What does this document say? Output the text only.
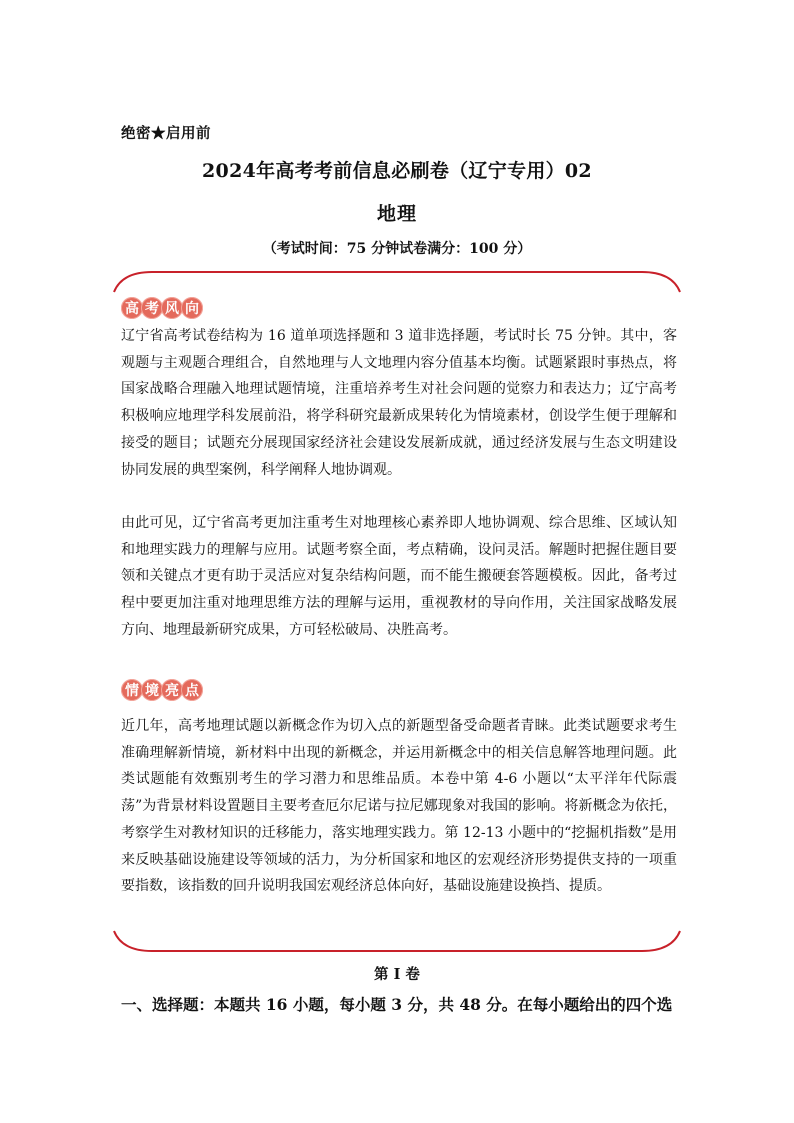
绝密★启用前
2024年高考考前信息必刷卷（辽宁专用）02
地理
（考试时间：75 分钟试卷满分：100 分）
高 考 风 向
辽宁省高考试卷结构为 16 道单项选择题和 3 道非选择题，考试时长 75 分钟。其中，客观题与主观题合理组合，自然地理与人文地理内容分值基本均衡。试题紧跟时事热点，将国家战略合理融入地理试题情境，注重培养考生对社会问题的觉察力和表达力；辽宁高考积极响应地理学科发展前沿，将学科研究最新成果转化为情境素材，创设学生便于理解和接受的题目；试题充分展现国家经济社会建设发展新成就，通过经济发展与生态文明建设协同发展的典型案例，科学阐释人地协调观。
由此可见，辽宁省高考更加注重考生对地理核心素养即人地协调观、综合思维、区域认知和地理实践力的理解与应用。试题考察全面，考点精确，设问灵活。解题时把握住题目要领和关键点才更有助于灵活应对复杂结构问题，而不能生搬硬套答题模板。因此，备考过程中要更加注重对地理思维方法的理解与运用，重视教材的导向作用，关注国家战略发展方向、地理最新研究成果，方可轻松破局、决胜高考。
情 境 亮 点
近几年，高考地理试题以新概念作为切入点的新题型备受命题者青睐。此类试题要求考生准确理解新情境，新材料中出现的新概念，并运用新概念中的相关信息解答地理问题。此类试题能有效甄别考生的学习潜力和思维品质。本卷中第 4-6 小题以“太平洋年代际震荡”为背景材料设置题目主要考查厄尔尼诺与拉尼娜现象对我国的影响。将新概念为依托，考察学生对教材知识的迁移能力，落实地理实践力。第 12-13 小题中的“挖掘机指数”是用来反映基础设施建设等领域的活力，为分析国家和地区的宏观经济形势提供支持的一项重要指数，该指数的回升说明我国宏观经济总体向好，基础设施建设换挡、提质。
第 I 卷
一、选择题：本题共 16 小题，每小题 3 分，共 48 分。在每小题给出的四个选
